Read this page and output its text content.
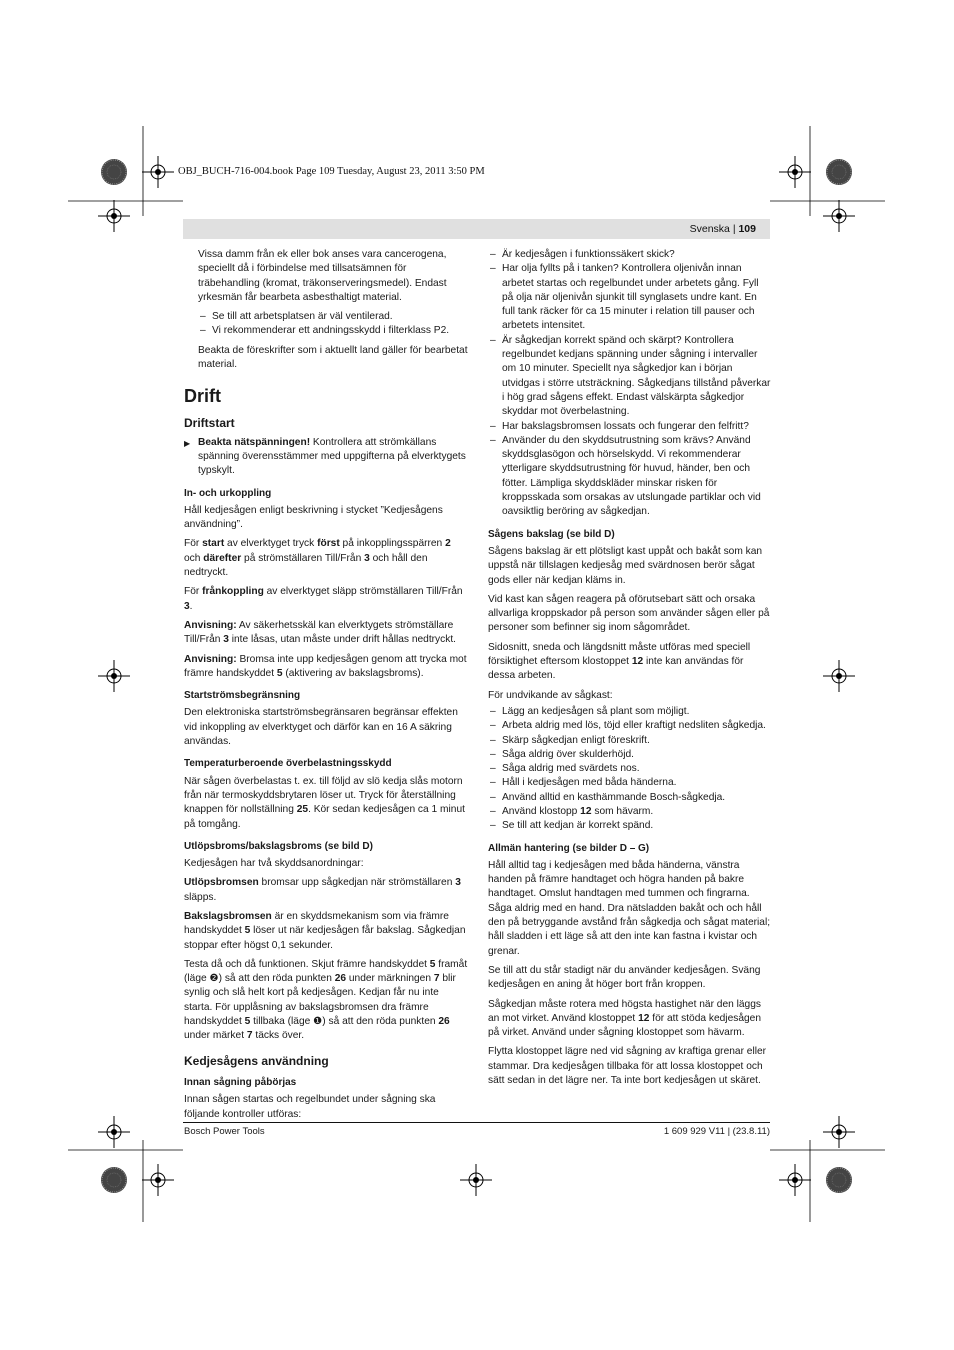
OBJ_BUCH-716-004.book Page 109 Tuesday, August 23, 2011 3:50 PM
Svenska | 109

Vissa damm från ek eller bok anses vara cancerogena, speciellt då i förbindelse med tillsatsämnen för träbehandling (kromat, träkonserveringsmedel). Endast yrkesmän får bearbeta asbesthaltigt material.

– Se till att arbetsplatsen är väl ventilerad.
– Vi rekommenderar ett andningsskydd i filterklass P2.

Beakta de föreskrifter som i aktuellt land gäller för bearbetat material.

Drift
Driftstart

▶ Beakta nätspänningen! Kontrollera att strömkällans spänning överensstämmer med uppgifterna på elverktygets typskylt.

In- och urkoppling

Håll kedjesågen enligt beskrivning i stycket ”Kedjesågens användning”.

För start av elverktyget tryck först på inkopplingsspärren 2 och därefter på strömställaren Till/Från 3 och håll den nedtryckt.

För frånkoppling av elverktyget släpp strömställaren Till/Från 3.

Anvisning: Av säkerhetsskäl kan elverktygets strömställare Till/Från 3 inte låsas, utan måste under drift hållas nedtryckt.

Anvisning: Bromsa inte upp kedjesågen genom att trycka mot främre handskyddet 5 (aktivering av bakslagsbroms).

Startströmsbegränsning

Den elektroniska startströmsbegränsaren begränsar effekten vid inkoppling av elverktyget och därför kan en 16 A säkring användas.

Temperaturberoende överbelastningsskydd

När sågen överbelastas t. ex. till följd av slö kedja slås motorn från när termoskyddsbrytaren löser ut. Tryck för återställning knappen för nollställning 25. Kör sedan kedjesågen ca 1 minut på tomgång.

Utlöpsbroms/bakslagsbroms (se bild D)

Kedjesågen har två skyddsanordningar:

Utlöpsbromsen bromsar upp sågkedjan när strömställaren 3 släpps.

Bakslagsbromsen är en skyddsmekanism som via främre handskyddet 5 löser ut när kedjesågen får bakslag. Sågkedjan stoppar efter högst 0,1 sekunder.

Testa då och då funktionen. Skjut främre handskyddet 5 framåt (läge ❷) så att den röda punkten 26 under märkningen 7 blir synlig och slå helt kort på kedjesågen. Kedjan får nu inte starta. För upplåsning av bakslagsbromsen dra främre handskyddet 5 tillbaka (läge ❶) så att den röda punkten 26 under märket 7 täcks över.

Kedjesågens användning
Innan sågning påbörjas

Innan sågen startas och regelbundet under sågning ska följande kontroller utföras:

– Är kedjesågen i funktionssäkert skick?
– Har olja fyllts på i tanken? Kontrollera oljenivån innan arbetet startas och regelbundet under arbetets gång. Fyll på olja när oljenivån sjunkit till synglasets undre kant. En full tank räcker för ca 15 minuter i relation till pauser och arbetets intensitet.
– Är sågkedjan korrekt spänd och skärpt? Kontrollera regelbundet kedjans spänning under sågning i intervaller om 10 minuter. Speciellt nya sågkedjor kan i början utvidgas i större utsträckning. Sågkedjans tillstånd påverkar i hög grad sågens effekt. Endast välskärpta sågkedjor skyddar mot överbelastning.
– Har bakslagsbromsen lossats och fungerar den felfritt?
– Använder du den skyddsutrustning som krävs? Använd skyddsglasögon och hörselskydd. Vi rekommenderar ytterligare skyddsutrustning för huvud, händer, ben och fötter. Lämpliga skyddskläder minskar risken för kroppsskada som orsakas av utslungade partiklar och vid oavsiktlig beröring av sågkedjan.
Sågens bakslag (se bild D)

Sågens bakslag är ett plötsligt kast uppåt och bakåt som kan uppstå när tillslagen kedjesåg med svärdnosen berör sågat gods eller när kedjan kläms in.

Vid kast kan sågen reagera på oförutsebart sätt och orsaka allvarliga kroppskador på person som använder sågen eller på personer som befinner sig inom sågområdet.

Sidosnitt, sneda och längdsnitt måste utföras med speciell försiktighet eftersom klostoppet 12 inte kan användas för dessa arbeten.

För undvikande av sågkast:

– Lägg an kedjesågen så plant som möjligt.
– Arbeta aldrig med lös, töjd eller kraftigt nedsliten sågkedja.
– Skärp sågkedjan enligt föreskrift.
– Såga aldrig över skulderhöjd.
– Såga aldrig med svärdets nos.
– Håll i kedjesågen med båda händerna.
– Använd alltid en kasthämmande Bosch-sågkedja.
– Använd klostopp 12 som hävarm.
– Se till att kedjan är korrekt spänd.
Allmän hantering (se bilder D – G)

Håll alltid tag i kedjesågen med båda händerna, vänstra handen på främre handtaget och högra handen på bakre handtaget. Omslut handtagen med tummen och fingrarna. Såga aldrig med en hand. Dra nätsladden bakåt och och håll den på betryggande avstånd från sågkedja och sågat material; håll sladden i ett läge så att den inte kan fastna i kvistar och grenar.

Se till att du står stadigt när du använder kedjesågen. Sväng kedjesågen en aning åt höger bort från kroppen.

Sågkedjan måste rotera med högsta hastighet när den läggs an mot virket. Använd klostoppet 12 för att stöda kedjesågen på virket. Använd under sågning klostoppet som hävarm.

Flytta klostoppet lägre ned vid sågning av kraftiga grenar eller stammar. Dra kedjesågen tillbaka för att lossa klostoppet och sätt sedan in det lägre ner. Ta inte bort kedjesågen ut skäret.

Bosch Power Tools	1 609 929 V11 | (23.8.11)
